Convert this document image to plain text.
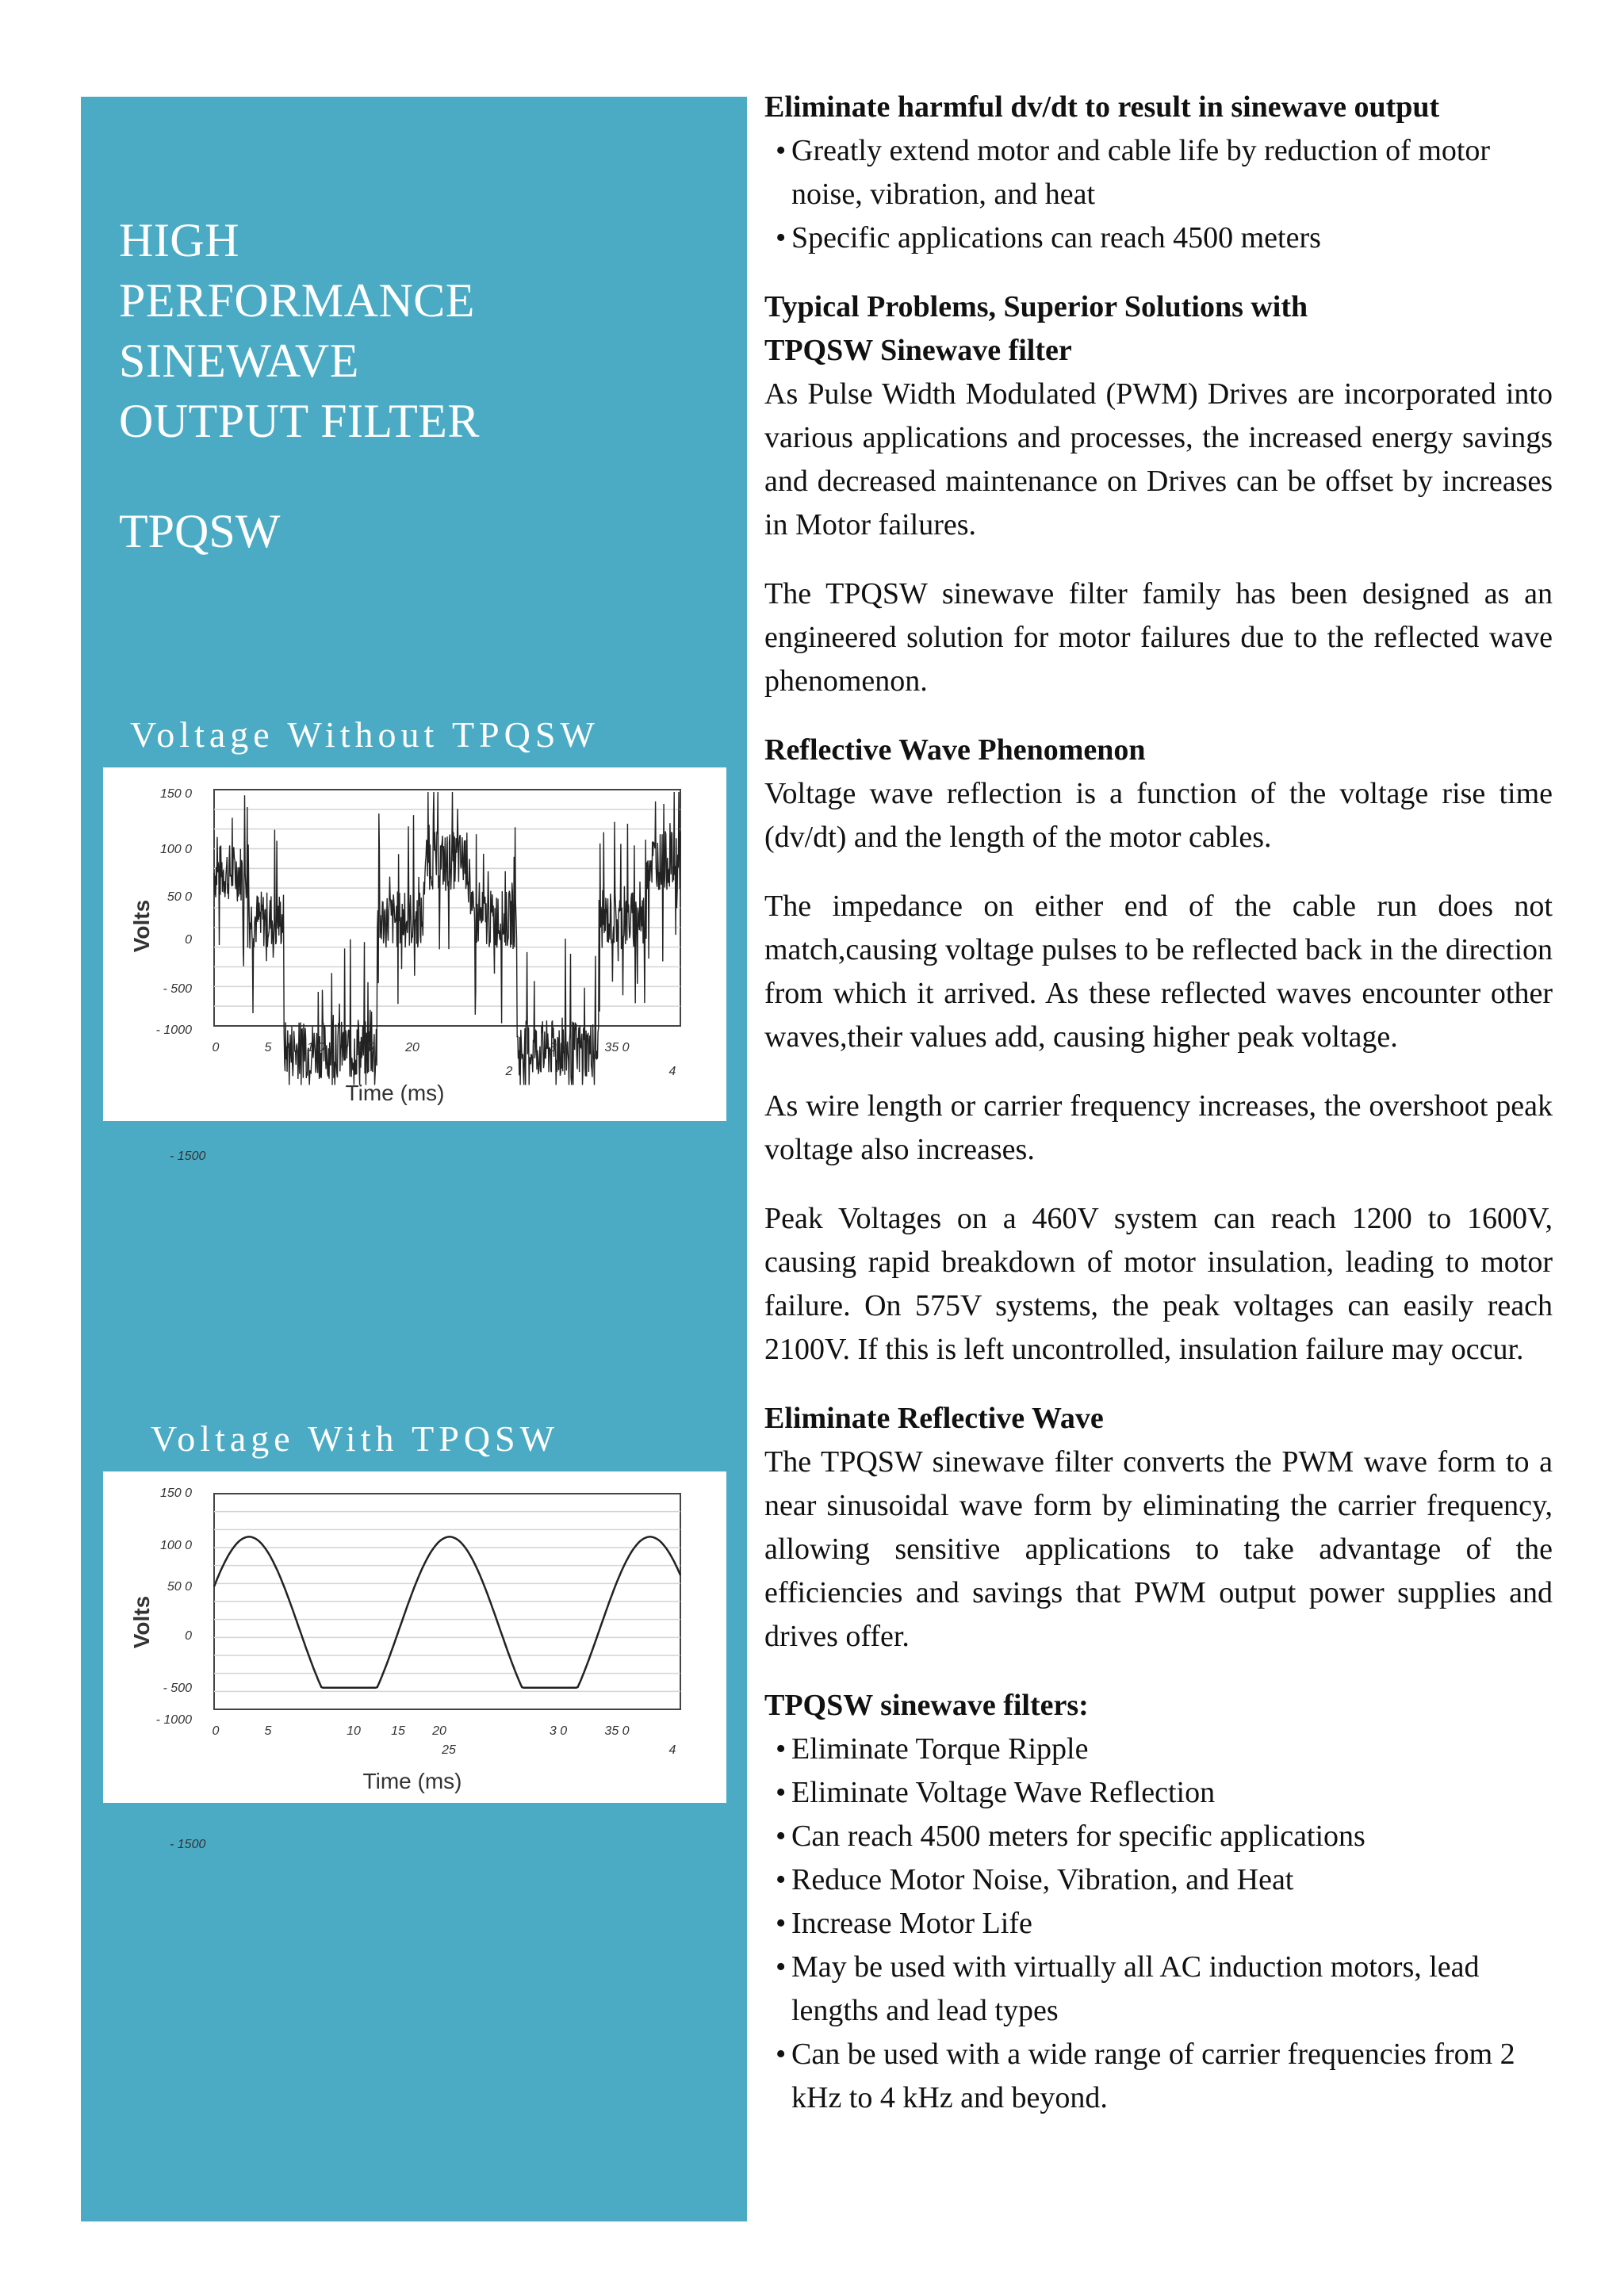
HIGH
PERFORMANCE
SINEWAVE
OUTPUT FILTER
TPQSW
Voltage Without TPQSW
150 0
100 0
50 0
0
- 500
- 1000
0	5	1 0 1 5 20
2
3 0	35 0
4
Time (ms)
Volts
- 1500
Voltage With TPQSW
150 0
100 0
50 0
0
- 500
- 1000
0	5	10 15 20
25
3 0	35 0
4
Time (ms)
Volts
- 1500
Eliminate harmful dv/dt to result in sinewave output
• Greatly extend motor and cable life by reduction of motor noise, vibration, and heat
• Specific applications can reach 4500 meters
Typical Problems, Superior Solutions with
TPQSW Sinewave filter
As Pulse Width Modulated (PWM) Drives are incorporated into various applications and processes, the increased energy savings and decreased maintenance on Drives can be offset by increases in Motor failures.
The TPQSW sinewave filter family has been designed as an engineered solution for motor failures due to the reflected wave phenomenon.
Reflective Wave Phenomenon
Voltage wave reflection is a function of the voltage rise time (dv/dt) and the length of the motor cables.
The impedance on either end of the cable run does not match,causing voltage pulses to be reflected back in the direction from which it arrived. As these reflected waves encounter other waves,their values add, causing higher peak voltage.
As wire length or carrier frequency increases, the overshoot peak voltage also increases.
Peak Voltages on a 460V system can reach 1200 to 1600V, causing rapid breakdown of motor insulation, leading to motor failure. On 575V systems, the peak voltages can easily reach 2100V. If this is left uncontrolled, insulation failure may occur.
Eliminate Reflective Wave
The TPQSW sinewave filter converts the PWM wave form to a near sinusoidal wave form by eliminating the carrier frequency, allowing sensitive applications to take advantage of the efficiencies and savings that PWM output power supplies and drives offer.
TPQSW sinewave filters:
• Eliminate Torque Ripple
• Eliminate Voltage Wave Reflection
• Can reach 4500 meters for specific applications
• Reduce Motor Noise, Vibration, and Heat
• Increase Motor Life
• May be used with virtually all AC induction motors, lead lengths and lead types
• Can be used with a wide range of carrier frequencies from 2 kHz to 4 kHz and beyond.
